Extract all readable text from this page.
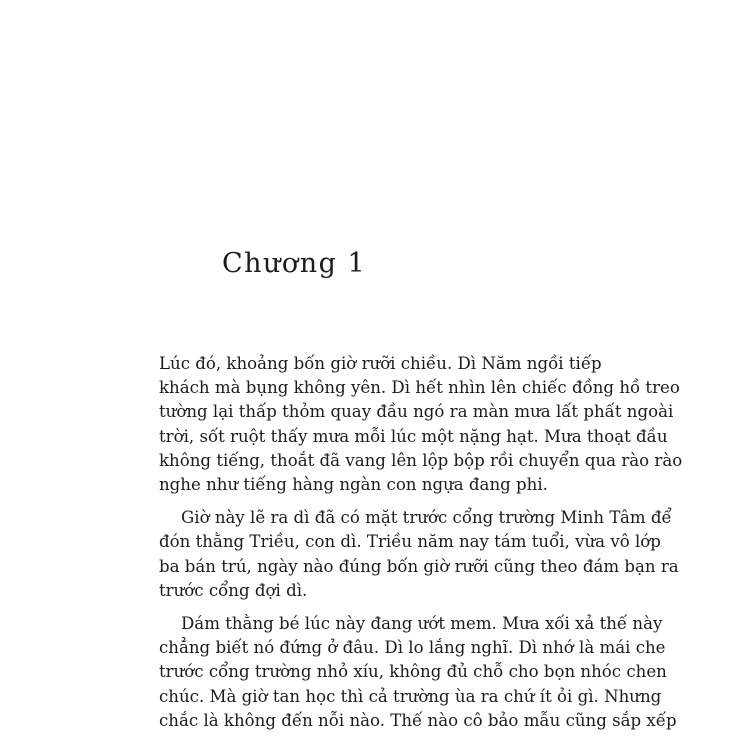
Chương 1
Lúc đó, khoảng bốn giờ rưỡi chiều. Dì Năm ngồi tiếp
khách mà bụng không yên. Dì hết nhìn lên chiếc đồng hồ treo
tường lại thấp thỏm quay đầu ngó ra màn mưa lất phất ngoài
trời, sốt ruột thấy mưa mỗi lúc một nặng hạt. Mưa thoạt đầu
không tiếng, thoắt đã vang lên lộp bộp rồi chuyển qua rào rào
nghe như tiếng hàng ngàn con ngựa đang phi.
Giờ này lẽ ra dì đã có mặt trước cổng trường Minh Tâm để
đón thằng Triều, con dì. Triều năm nay tám tuổi, vừa vô lớp
ba bán trú, ngày nào đúng bốn giờ rưỡi cũng theo đám bạn ra
trước cổng đợi dì.
Dám thằng bé lúc này đang ướt mem. Mưa xối xả thế này
chẳng biết nó đứng ở đâu. Dì lo lắng nghĩ. Dì nhớ là mái che
trước cổng trường nhỏ xíu, không đủ chỗ cho bọn nhóc chen
chúc. Mà giờ tan học thì cả trường ùa ra chứ ít ỏi gì. Nhưng
chắc là không đến nỗi nào. Thế nào cô bảo mẫu cũng sắp xếp
